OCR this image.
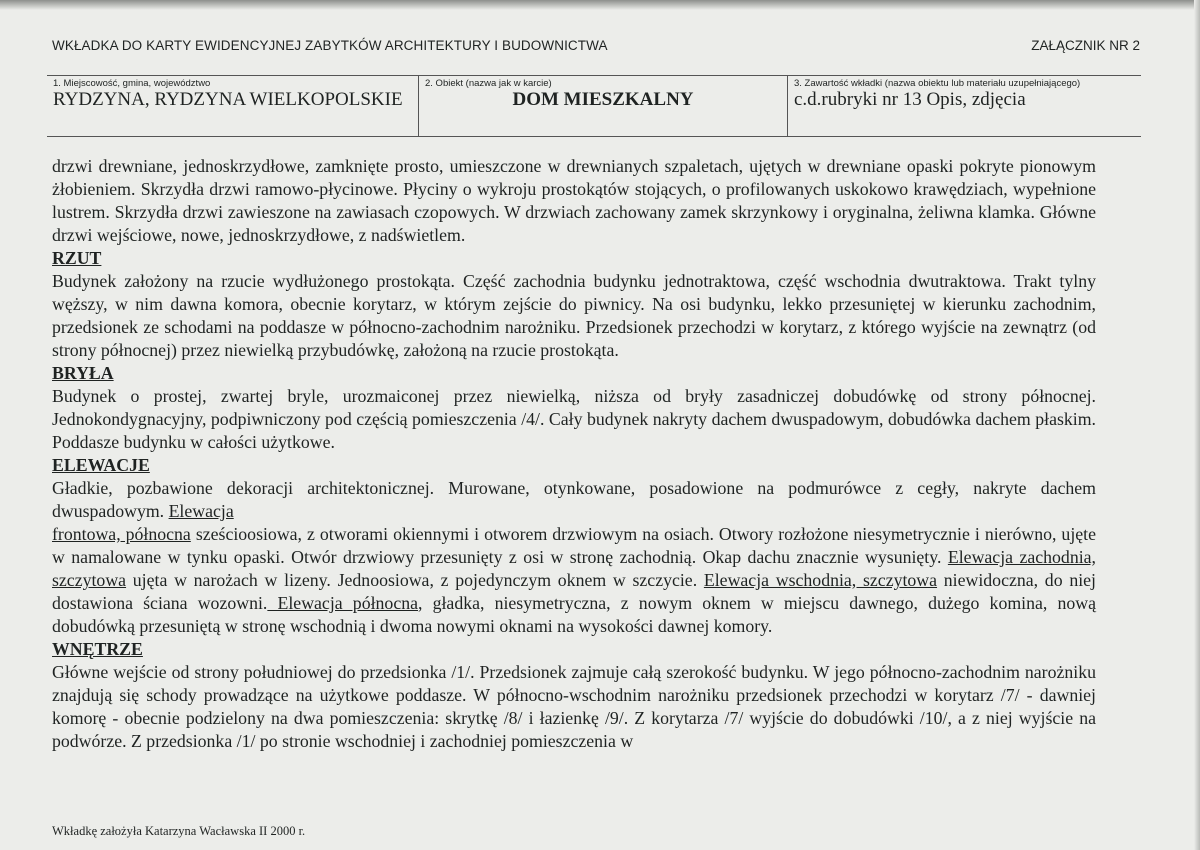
WKŁADKA DO KARTY EWIDENCYJNEJ ZABYTKÓW ARCHITEKTURY I BUDOWNICTWA	ZAŁĄCZNIK NR 2
1. Miejscowość, gmina, województwo
RYDZYNA, RYDZYNA WIELKOPOLSKIE
2. Obiekt (nazwa jak w karcie)
DOM MIESZKALNY
3. Zawartość wkładki (nazwa obiektu lub materiału uzupełniającego)
c.d.rubryki nr 13 Opis, zdjęcia

drzwi drewniane, jednoskrzydłowe, zamknięte prosto, umieszczone w drewnianych szpaletach, ujętych w drewniane opaski pokryte pionowym żłobieniem. Skrzydła drzwi ramowo-płycinowe. Płyciny o wykroju prostokątów stojących, o profilowanych uskokowo krawędziach, wypełnione lustrem. Skrzydła drzwi zawieszone na zawiasach czopowych. W drzwiach zachowany zamek skrzynkowy i oryginalna, żeliwna klamka. Główne drzwi wejściowe, nowe, jednoskrzydłowe, z nadświetlem.

RZUT

Budynek założony na rzucie wydłużonego prostokąta. Część zachodnia budynku jednotraktowa, część wschodnia dwutraktowa. Trakt tylny węższy, w nim dawna komora, obecnie korytarz, w którym zejście do piwnicy. Na osi budynku, lekko przesuniętej w kierunku zachodnim, przedsionek ze schodami na poddasze w północno-zachodnim narożniku. Przedsionek przechodzi w korytarz, z którego wyjście na zewnątrz (od strony północnej) przez niewielką przybudówkę, założoną na rzucie prostokąta.

BRYŁA

Budynek o prostej, zwartej bryle, urozmaiconej przez niewielką, niższa od bryły zasadniczej dobudówkę od strony północnej. Jednokondygnacyjny, podpiwniczony pod częścią pomieszczenia /4/. Cały budynek nakryty dachem dwuspadowym, dobudówka dachem płaskim. Poddasze budynku w całości użytkowe.

ELEWACJE

Gładkie, pozbawione dekoracji architektonicznej. Murowane, otynkowane, posadowione na podmurówce z cegły, nakryte dachem dwuspadowym. Elewacja
frontowa, północna sześcioosiowa, z otworami okiennymi i otworem drzwiowym na osiach. Otwory rozłożone niesymetrycznie i nierówno, ujęte w namalowane w tynku opaski. Otwór drzwiowy przesunięty z osi w stronę zachodnią. Okap dachu znacznie wysunięty. Elewacja zachodnia, szczytowa ujęta w narożach w lizeny. Jednoosiowa, z pojedynczym oknem w szczycie. Elewacja wschodnia, szczytowa niewidoczna, do niej dostawiona ściana wozowni. Elewacja północna, gładka, niesymetryczna, z nowym oknem w miejscu dawnego, dużego komina, nową dobudówką przesuniętą w stronę wschodnią i dwoma nowymi oknami na wysokości dawnej komory.

WNĘTRZE

Główne wejście od strony południowej do przedsionka /1/. Przedsionek zajmuje całą szerokość budynku. W jego północno-zachodnim narożniku znajdują się schody prowadzące na użytkowe poddasze. W północno-wschodnim narożniku przedsionek przechodzi w korytarz /7/ - dawniej komorę - obecnie podzielony na dwa pomieszczenia: skrytkę /8/ i łazienkę /9/. Z korytarza /7/ wyjście do dobudówki /10/, a z niej wyjście na podwórze. Z przedsionka /1/ po stronie wschodniej i zachodniej pomieszczenia w

Wkładkę założyła Katarzyna Wacławska II 2000 r.
